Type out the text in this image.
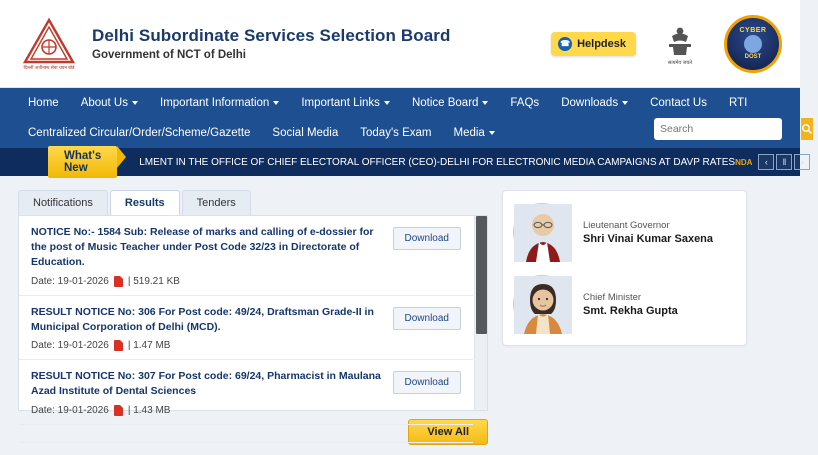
दिल्ली अधीनस्थ सेवा चयन बोर्ड
Delhi Subordinate Services Selection Board
Government of NCT of Delhi
☎ Helpdesk
सत्यमेव जयते
CYBER
DOST
Home About Us	Important Information	Important Links	Notice Board	FAQs Downloads	Contact Us RTI
Centralized Circular/Order/Scheme/Gazette Social Media Today's Exam Media
Search
What's New	LMENT IN THE OFFICE OF CHIEF ELECTORAL OFFICER (CEO)-DELHI FOR ELECTRONIC MEDIA CAMPAIGNS AT DAVP RATES NDA	‹	‖	›
Notifications	Results	Tenders
NOTICE No:- 1584 Sub: Release of marks and calling of e-dossier for the post of Music Teacher under Post Code 32/23 in Directorate of Education.
Date: 19-01-2026 | 519.21 KB
Download
RESULT NOTICE No: 306 For Post code: 49/24, Draftsman Grade-II in Municipal Corporation of Delhi (MCD).
Date: 19-01-2026 | 1.47 MB
Download
RESULT NOTICE No: 307 For Post code: 69/24, Pharmacist in Maulana Azad Institute of Dental Sciences
Date: 19-01-2026 | 1.43 MB
Download
View All
Lieutenant Governor
Shri Vinai Kumar Saxena
Chief Minister
Smt. Rekha Gupta
